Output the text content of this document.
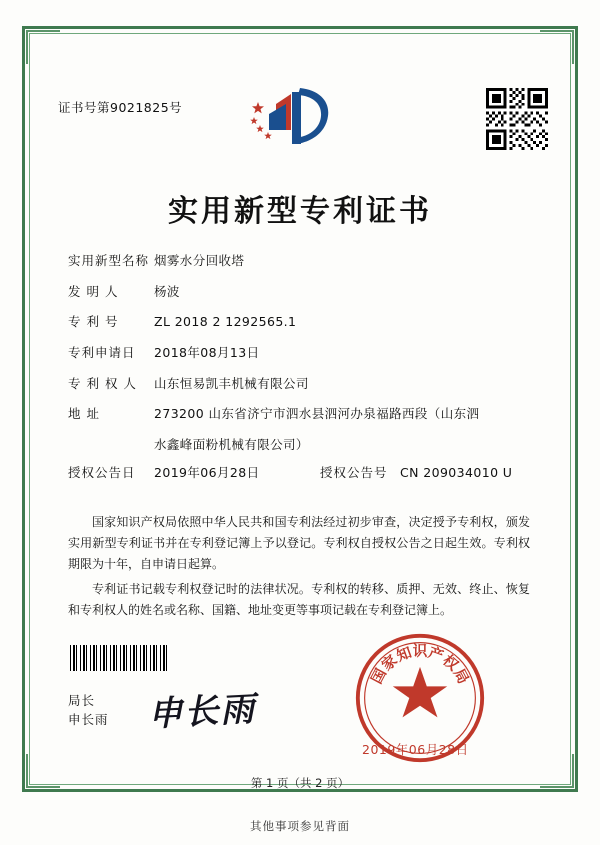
证书号第9021825号
实用新型专利证书
实用新型名称 烟雾水分回收塔
发 明 人	杨波
专 利 号	ZL 2018 2 1292565.1
专利申请日	2018年08月13日
专 利 权 人	山东恒易凯丰机械有限公司
地 址	273200 山东省济宁市泗水县泗河办泉福路西段（山东泗
水鑫峰面粉机械有限公司）
授权公告日	2019年06月28日	授权公告号 CN 209034010 U

国家知识产权局依照中华人民共和国专利法经过初步审查，决定授予专利权，颁发实用新型专利证书并在专利登记簿上予以登记。专利权自授权公告之日起生效。专利权期限为十年，自申请日起算。

专利证书记载专利权登记时的法律状况。专利权的转移、质押、无效、终止、恢复和专利权人的姓名或名称、国籍、地址变更等事项记载在专利登记簿上。

国
家
知
识
产
权
局
局长
申长雨 申长雨
2019年06月28日
第 1 页（共 2 页）
其他事项参见背面
